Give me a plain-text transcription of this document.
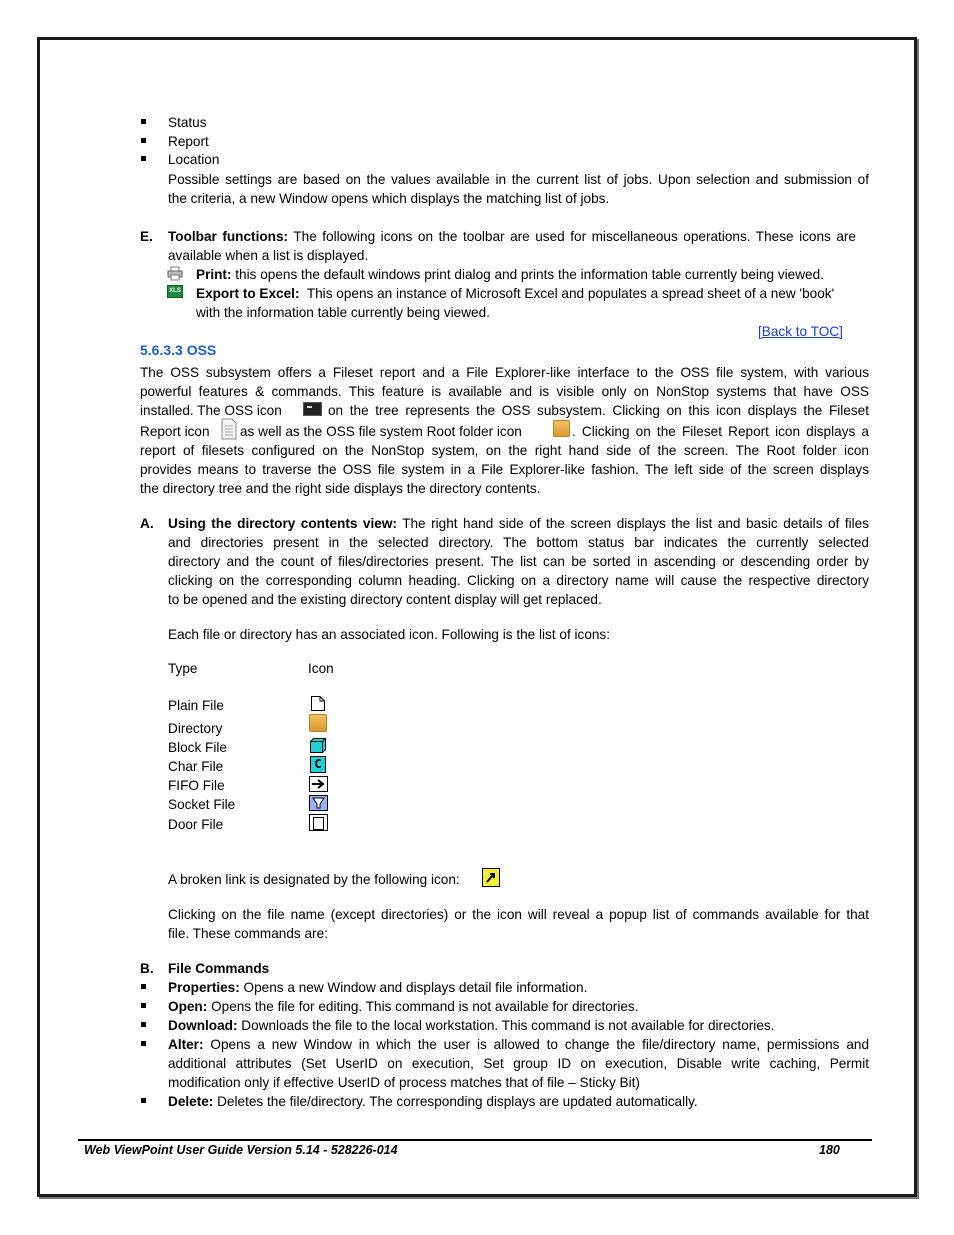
Status
Report
Location
Possible settings are based on the values available in the current list of jobs. Upon selection and submission of
the criteria, a new Window opens which displays the matching list of jobs.
E. Toolbar functions: The following icons on the toolbar are used for miscellaneous operations. These icons are
available when a list is displayed.
Print: this opens the default windows print dialog and prints the information table currently being viewed.
XLS Export to Excel: This opens an instance of Microsoft Excel and populates a spread sheet of a new 'book'
with the information table currently being viewed.
[Back to TOC]
5.6.3.3 OSS
The OSS subsystem offers a Fileset report and a File Explorer-like interface to the OSS file system, with various
powerful features & commands. This feature is available and is visible only on NonStop systems that have OSS
installed. The OSS icon	on the tree represents the OSS subsystem. Clicking on this icon displays the Fileset
Report icon as well as the OSS file system Root folder icon	. Clicking on the Fileset Report icon displays a
report of filesets configured on the NonStop system, on the right hand side of the screen. The Root folder icon
provides means to traverse the OSS file system in a File Explorer-like fashion. The left side of the screen displays
the directory tree and the right side displays the directory contents.
A. Using the directory contents view: The right hand side of the screen displays the list and basic details of files
and directories present in the selected directory. The bottom status bar indicates the currently selected
directory and the count of files/directories present. The list can be sorted in ascending or descending order by
clicking on the corresponding column heading. Clicking on a directory name will cause the respective directory
to be opened and the existing directory content display will get replaced.
Each file or directory has an associated icon. Following is the list of icons:
Type	Icon
Plain File
Directory
Block File
Char File
FIFO File
Socket File
Door File
C
A broken link is designated by the following icon:
Clicking on the file name (except directories) or the icon will reveal a popup list of commands available for that
file. These commands are:
B. File Commands
Properties: Opens a new Window and displays detail file information.
Open: Opens the file for editing. This command is not available for directories.
Download: Downloads the file to the local workstation. This command is not available for directories.
Alter: Opens a new Window in which the user is allowed to change the file/directory name, permissions and
additional attributes (Set UserID on execution, Set group ID on execution, Disable write caching, Permit
modification only if effective UserID of process matches that of file – Sticky Bit)
Delete: Deletes the file/directory. The corresponding displays are updated automatically.
Web ViewPoint User Guide Version 5.14 - 528226-014	180
